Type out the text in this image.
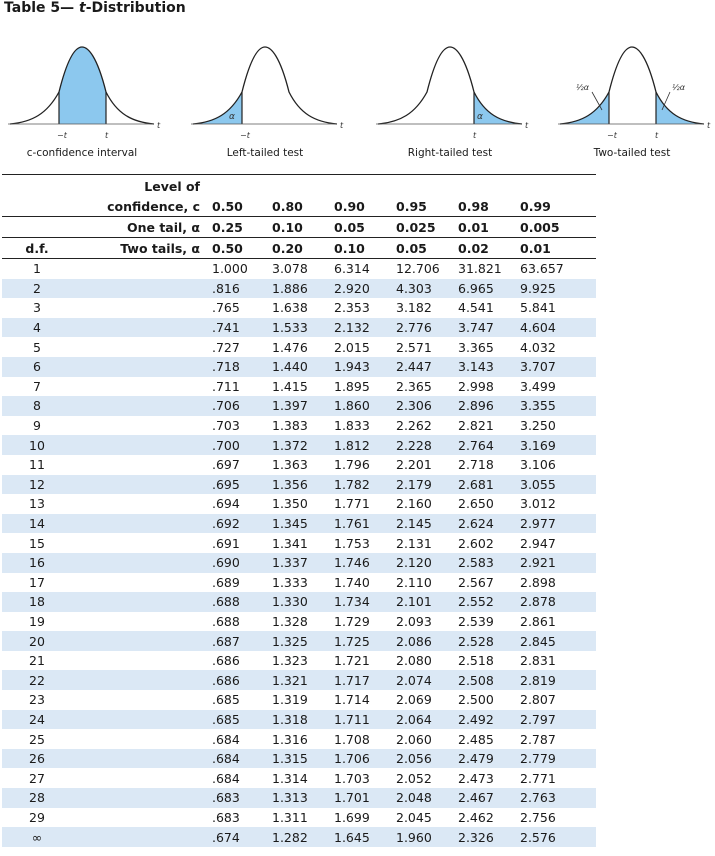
Table 5— t-Distribution
−t	t
t
c-confidence interval
α
−t
t
Left-tailed test
α
t
t
Right-tailed test
½α	½α
−t	t
t
Two-tailed test
	Level of						
	confidence, c	0.50	0.80	0.90	0.95	0.98	0.99
	One tail, α	0.25	0.10	0.05	0.025	0.01	0.005
d.f.	Two tails, α	0.50	0.20	0.10	0.05	0.02	0.01
1		1.000	3.078	6.314	12.706	31.821	63.657
2		.816	1.886	2.920	4.303	6.965	9.925
3		.765	1.638	2.353	3.182	4.541	5.841
4		.741	1.533	2.132	2.776	3.747	4.604
5		.727	1.476	2.015	2.571	3.365	4.032
6		.718	1.440	1.943	2.447	3.143	3.707
7		.711	1.415	1.895	2.365	2.998	3.499
8		.706	1.397	1.860	2.306	2.896	3.355
9		.703	1.383	1.833	2.262	2.821	3.250
10		.700	1.372	1.812	2.228	2.764	3.169
11		.697	1.363	1.796	2.201	2.718	3.106
12		.695	1.356	1.782	2.179	2.681	3.055
13		.694	1.350	1.771	2.160	2.650	3.012
14		.692	1.345	1.761	2.145	2.624	2.977
15		.691	1.341	1.753	2.131	2.602	2.947
16		.690	1.337	1.746	2.120	2.583	2.921
17		.689	1.333	1.740	2.110	2.567	2.898
18		.688	1.330	1.734	2.101	2.552	2.878
19		.688	1.328	1.729	2.093	2.539	2.861
20		.687	1.325	1.725	2.086	2.528	2.845
21		.686	1.323	1.721	2.080	2.518	2.831
22		.686	1.321	1.717	2.074	2.508	2.819
23		.685	1.319	1.714	2.069	2.500	2.807
24		.685	1.318	1.711	2.064	2.492	2.797
25		.684	1.316	1.708	2.060	2.485	2.787
26		.684	1.315	1.706	2.056	2.479	2.779
27		.684	1.314	1.703	2.052	2.473	2.771
28		.683	1.313	1.701	2.048	2.467	2.763
29		.683	1.311	1.699	2.045	2.462	2.756
∞		.674	1.282	1.645	1.960	2.326	2.576
